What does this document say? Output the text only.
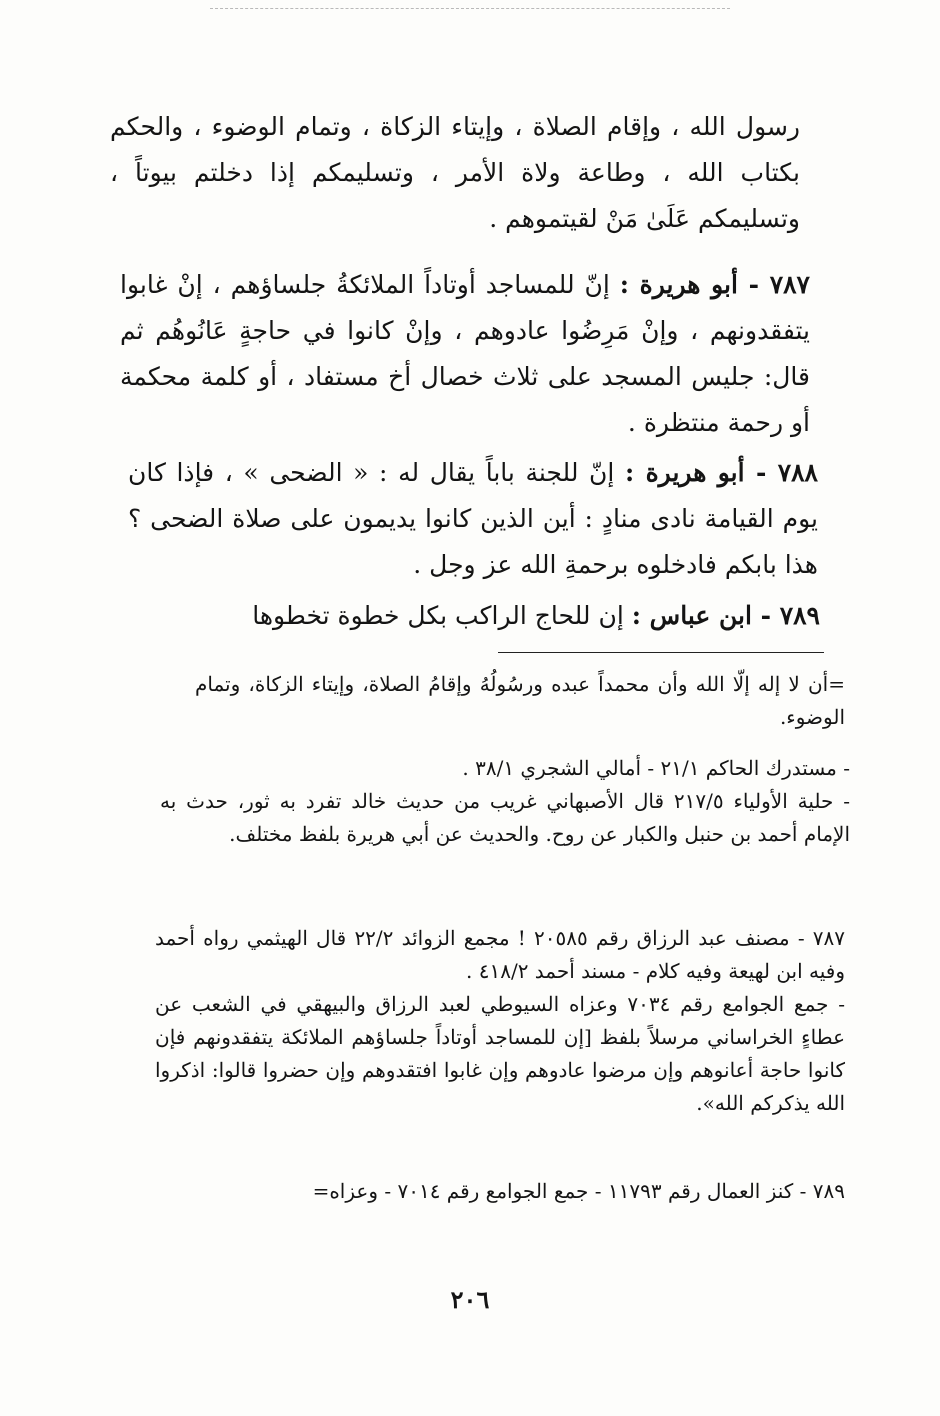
رسول الله ، وإقام الصلاة ، وإيتاء الزكاة ، وتمام الوضوء ، والحكم بكتاب الله ، وطاعة ولاة الأمر ، وتسليمكم إذا دخلتم بيوتاً ، وتسليمكم عَلَىٰ مَنْ لقيتموهم .
٧٨٧ - أبو هريرة : إنّ للمساجد أوتاداً الملائكةُ جلساؤهم ، إنْ غابوا يتفقدونهم ، وإنْ مَرِضُوا عادوهم ، وإنْ كانوا في حاجةٍ عَانُوهُم ثم قال: جليس المسجد على ثلاث خصال أخ مستفاد ، أو كلمة محكمة أو رحمة منتظرة .
٧٨٨ - أبو هريرة : إنّ للجنة باباً يقال له : « الضحى » ، فإذا كان يوم القيامة نادى منادٍ : أين الذين كانوا يديمون على صلاة الضحى ؟ هذا بابكم فادخلوه برحمةِ الله عز وجل .
٧٨٩ - ابن عباس : إن للحاج الراكب بكل خطوة تخطوها
=أن لا إله إلّا الله وأن محمداً عبده ورسُولُهُ وإقامُ الصلاة، وإيتاء الزكاة، وتمام الوضوء.
- مستدرك الحاكم ٢١/١ - أمالي الشجري ٣٨/١ .
- حلية الأولياء ٢١٧/٥ قال الأصبهاني غريب من حديث خالد تفرد به ثور، حدث به الإمام أحمد بن حنبل والكبار عن روح. والحديث عن أبي هريرة بلفظ مختلف.
٧٨٧ - مصنف عبد الرزاق رقم ٢٠٥٨٥ ! مجمع الزوائد ٢٢/٢ قال الهيثمي رواه أحمد وفيه ابن لهيعة وفيه كلام - مسند أحمد ٤١٨/٢ .
- جمع الجوامع رقم ٧٠٣٤ وعزاه السيوطي لعبد الرزاق والبيهقي في الشعب عن عطاءٍ الخراساني مرسلاً بلفظ [إن للمساجد أوتاداً جلساؤهم الملائكة يتفقدونهم فإن كانوا حاجة أعانوهم وإن مرضوا عادوهم وإن غابوا افتقدوهم وإن حضروا قالوا: اذكروا الله يذكركم الله».
٧٨٩ - كنز العمال رقم ١١٧٩٣ - جمع الجوامع رقم ٧٠١٤ - وعزاه=
٢٠٦
